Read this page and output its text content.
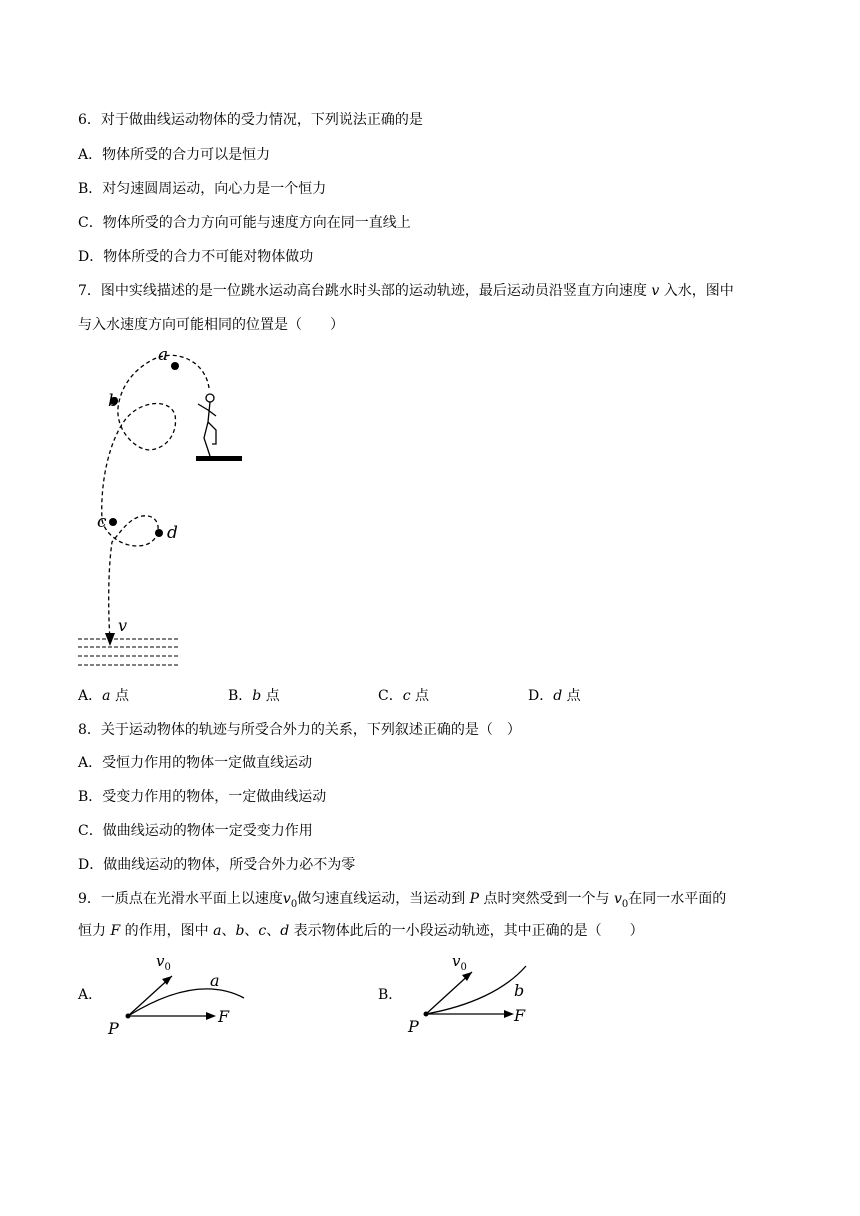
6．对于做曲线运动物体的受力情况，下列说法正确的是
A．物体所受的合力可以是恒力
B．对匀速圆周运动，向心力是一个恒力
C．物体所受的合力方向可能与速度方向在同一直线上
D．物体所受的合力不可能对物体做功
7．图中实线描述的是一位跳水运动高台跳水时头部的运动轨迹，最后运动员沿竖直方向速度 v 入水，图中
与入水速度方向可能相同的位置是（　　）
a
b
c
d
v
A．a 点	B．b 点	C．c 点	D．d 点
8．关于运动物体的轨迹与所受合外力的关系，下列叙述正确的是（　）
A．受恒力作用的物体一定做直线运动
B．受变力作用的物体，一定做曲线运动
C．做曲线运动的物体一定受变力作用
D．做曲线运动的物体，所受合外力必不为零
9．一质点在光滑水平面上以速度$v_0$做匀速直线运动，当运动到 P 点时突然受到一个与 $v_0$在同一水平面的
恒力 F 的作用，图中 a、b、c、d 表示物体此后的一小段运动轨迹，其中正确的是（　　）
A．
$v_0$
a
P
F
B．
$v_0$
b
P
F
